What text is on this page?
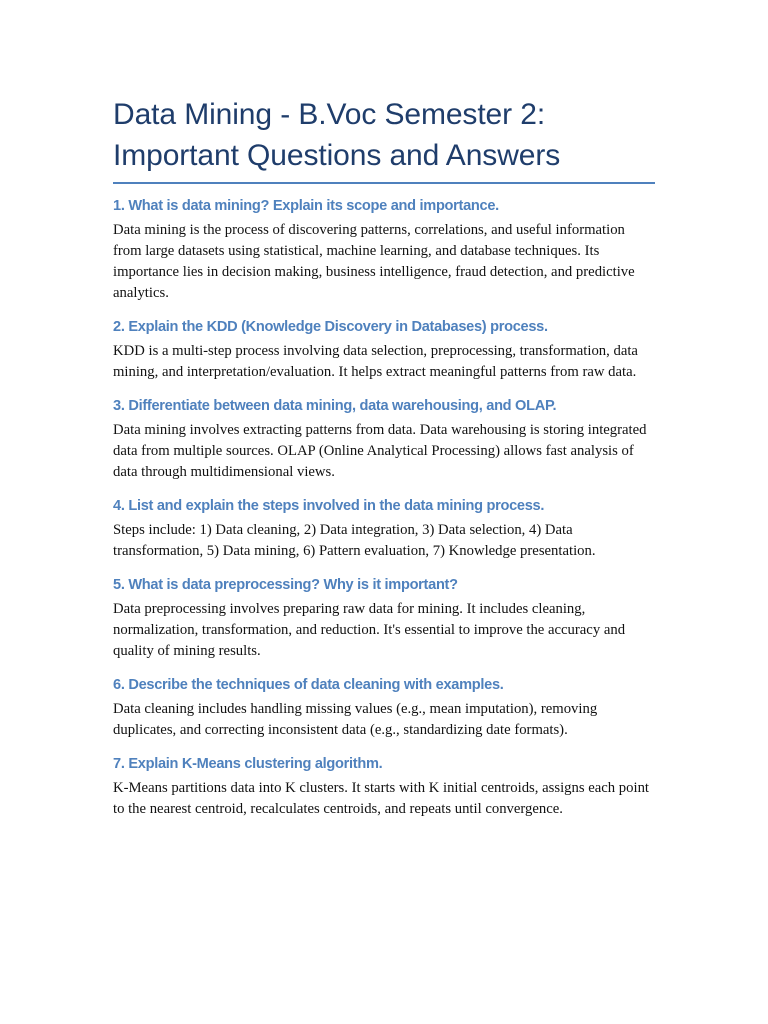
Data Mining - B.Voc Semester 2: Important Questions and Answers
1. What is data mining? Explain its scope and importance.

Data mining is the process of discovering patterns, correlations, and useful information from large datasets using statistical, machine learning, and database techniques. Its importance lies in decision making, business intelligence, fraud detection, and predictive analytics.

2. Explain the KDD (Knowledge Discovery in Databases) process.

KDD is a multi-step process involving data selection, preprocessing, transformation, data mining, and interpretation/evaluation. It helps extract meaningful patterns from raw data.

3. Differentiate between data mining, data warehousing, and OLAP.

Data mining involves extracting patterns from data. Data warehousing is storing integrated data from multiple sources. OLAP (Online Analytical Processing) allows fast analysis of data through multidimensional views.

4. List and explain the steps involved in the data mining process.

Steps include: 1) Data cleaning, 2) Data integration, 3) Data selection, 4) Data transformation, 5) Data mining, 6) Pattern evaluation, 7) Knowledge presentation.

5. What is data preprocessing? Why is it important?

Data preprocessing involves preparing raw data for mining. It includes cleaning, normalization, transformation, and reduction. It's essential to improve the accuracy and quality of mining results.

6. Describe the techniques of data cleaning with examples.

Data cleaning includes handling missing values (e.g., mean imputation), removing duplicates, and correcting inconsistent data (e.g., standardizing date formats).

7. Explain K-Means clustering algorithm.

K-Means partitions data into K clusters. It starts with K initial centroids, assigns each point to the nearest centroid, recalculates centroids, and repeats until convergence.
